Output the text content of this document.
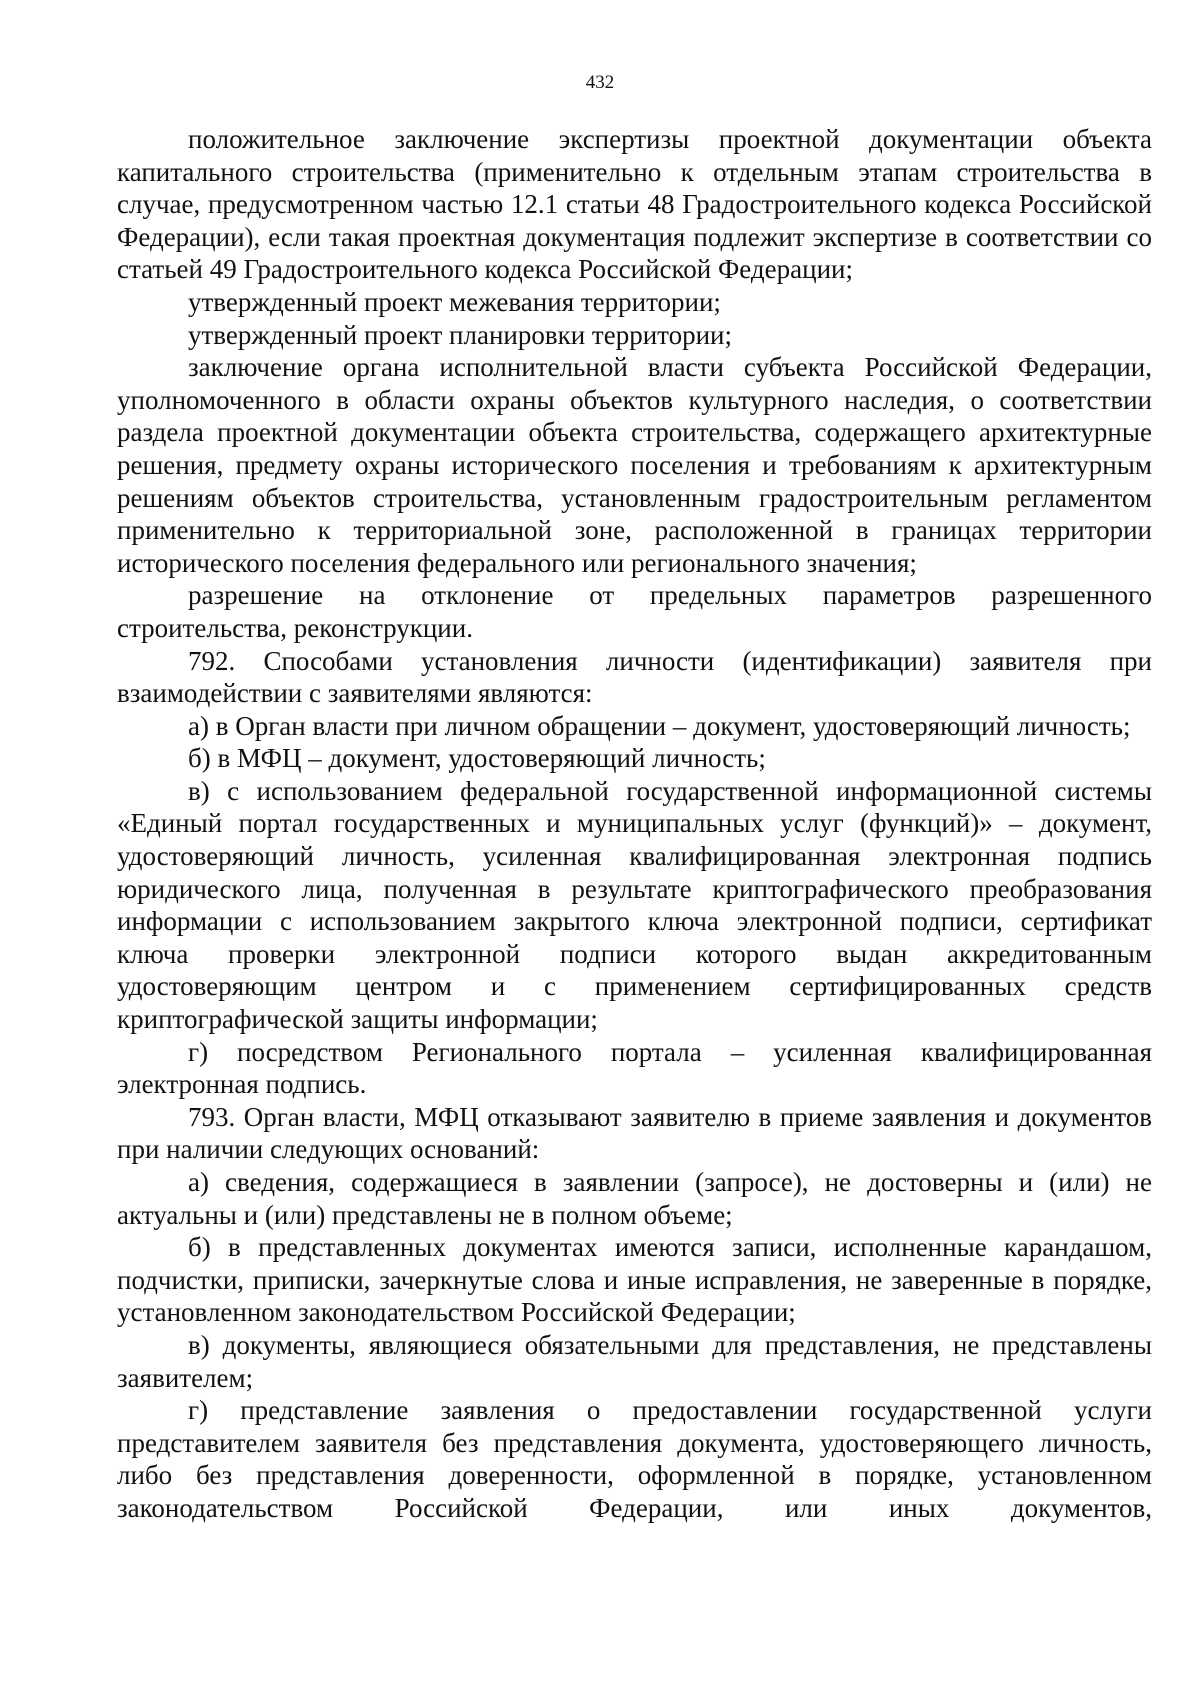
432

положительное заключение экспертизы проектной документации объекта капитального строительства (применительно к отдельным этапам строительства в случае, предусмотренном частью 12.1 статьи 48 Градостроительного кодекса Российской Федерации), если такая проектная документация подлежит экспертизе в соответствии со статьей 49 Градостроительного кодекса Российской Федерации;

утвержденный проект межевания территории;

утвержденный проект планировки территории;

заключение органа исполнительной власти субъекта Российской Федерации, уполномоченного в области охраны объектов культурного наследия, о соответствии раздела проектной документации объекта строительства, содержащего архитектурные решения, предмету охраны исторического поселения и требованиям к архитектурным решениям объектов строительства, установленным градостроительным регламентом применительно к территориальной зоне, расположенной в границах территории исторического поселения федерального или регионального значения;

разрешение на отклонение от предельных параметров разрешенного строительства, реконструкции.

792. Способами установления личности (идентификации) заявителя при взаимодействии с заявителями являются:

а) в Орган власти при личном обращении – документ, удостоверяющий личность;

б) в МФЦ – документ, удостоверяющий личность;

в) с использованием федеральной государственной информационной системы «Единый портал государственных и муниципальных услуг (функций)» – документ, удостоверяющий личность, усиленная квалифицированная электронная подпись юридического лица, полученная в результате криптографического преобразования информации с использованием закрытого ключа электронной подписи, сертификат ключа проверки электронной подписи которого выдан аккредитованным удостоверяющим центром и с применением сертифицированных средств криптографической защиты информации;

г) посредством Регионального портала – усиленная квалифицированная электронная подпись.

793. Орган власти, МФЦ отказывают заявителю в приеме заявления и документов при наличии следующих оснований:

а) сведения, содержащиеся в заявлении (запросе), не достоверны и (или) не актуальны и (или) представлены не в полном объеме;

б) в представленных документах имеются записи, исполненные карандашом, подчистки, приписки, зачеркнутые слова и иные исправления, не заверенные в порядке, установленном законодательством Российской Федерации;

в) документы, являющиеся обязательными для представления, не представлены заявителем;

г) представление заявления о предоставлении государственной услуги представителем заявителя без представления документа, удостоверяющего личность, либо без представления доверенности, оформленной в порядке, установленном законодательством Российской Федерации, или иных документов,
